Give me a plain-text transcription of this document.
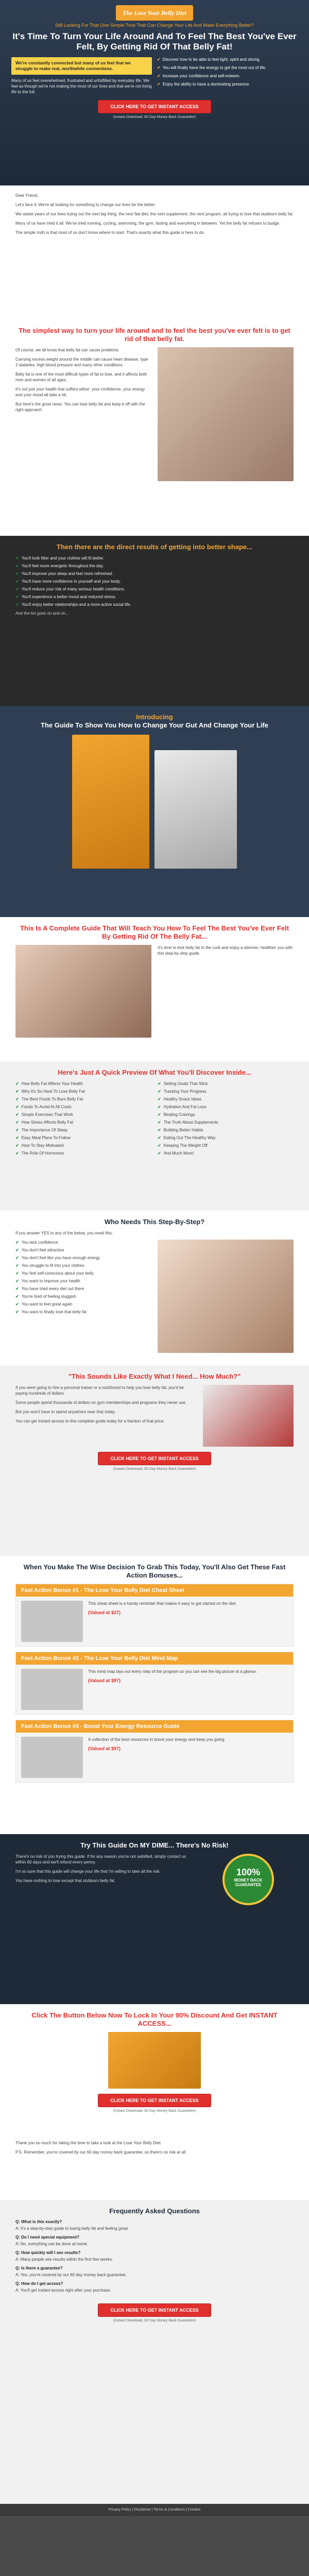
The Lose Your Belly Diet
Still Looking For That One Simple Trick That Can Change Your Life And Make Everything Better?
It's Time To Turn Your Life Around And To Feel The Best You've Ever Felt, By Getting Rid Of That Belly Fat!
We're constantly connected but many of us feel that we struggle to make real, worthwhile connections.
Many of us feel overwhelmed, frustrated and unfulfilled by everyday life. We feel as though we're not making the most of our lives and that we're not living life to the full.
✔ Discover how to be able to feel light, spirit and strong.
✔ You will finally have the energy to get the most out of life.
✔ Increase your confidence and self-esteem.
✔ Enjoy the ability to have a dominating presence.
CLICK HERE TO GET INSTANT ACCESS
(Instant Download, 60 Day Money Back Guarantee)
Dear Friend,
Let's face it: We're all looking for something to change our lives for the better.
We waste years of our lives trying out the next big thing, the next fad diet, the next supplement, the next program, all trying to lose that stubborn belly fat.
Many of us have tried it all. We've tried running, cycling, swimming, the gym, fasting and everything in between. Yet the belly fat refuses to budge.
The simple truth is that most of us don't know where to start. That's exactly what this guide is here to do.
The simplest way to turn your life around and to feel the best you've ever felt is to get rid of that belly fat.
Of course, we all know that belly fat can cause problems.
Carrying excess weight around the middle can cause heart disease, type 2 diabetes, high blood pressure and many other conditions.
Belly fat is one of the most difficult types of fat to lose, and it affects both men and women of all ages.
It's not just your health that suffers either: your confidence, your energy and your mood all take a hit.
But here's the good news: You can lose belly fat and keep it off with the right approach.
Then there are the direct results of getting into better shape...
✔ You'll look fitter and your clothes will fit better.
✔ You'll feel more energetic throughout the day.
✔ You'll improve your sleep and feel more refreshed.
✔ You'll have more confidence in yourself and your body.
✔ You'll reduce your risk of many serious health conditions.
✔ You'll experience a better mood and reduced stress.
✔ You'll enjoy better relationships and a more active social life.
And the list goes on and on...
Introducing
The Guide To Show You How to Change Your Gut And Change Your Life
This Is A Complete Guide That Will Teach You How To Feel The Best You've Ever Felt By Getting Rid Of The Belly Fat...
It's time to kick belly fat to the curb and enjoy a slimmer, healthier you with this step-by-step guide.
Here's Just A Quick Preview Of What You'll Discover Inside...
✔ How Belly Fat Affects Your Health
✔ Why It's So Hard To Lose Belly Fat
✔ The Best Foods To Burn Belly Fat
✔ Foods To Avoid At All Costs
✔ Simple Exercises That Work
✔ How Stress Affects Belly Fat
✔ The Importance Of Sleep
✔ Easy Meal Plans To Follow
✔ How To Stay Motivated
✔ The Role Of Hormones
✔ Setting Goals That Stick
✔ Tracking Your Progress
✔ Healthy Snack Ideas
✔ Hydration And Fat Loss
✔ Beating Cravings
✔ The Truth About Supplements
✔ Building Better Habits
✔ Eating Out The Healthy Way
✔ Keeping The Weight Off
✔ And Much More!
Who Needs This Step-By-Step?
If you answer YES to any of the below, you need this:
✔ You lack confidence
✔ You don't feel attractive
✔ You don't feel like you have enough energy
✔ You struggle to fit into your clothes
✔ You feel self-conscious about your belly
✔ You want to improve your health
✔ You have tried every diet out there
✔ You're tired of feeling sluggish
✔ You want to feel great again
✔ You want to finally lose that belly fat
"This Sounds Like Exactly What I Need... How Much?"
If you were going to hire a personal trainer or a nutritionist to help you lose belly fat, you'd be paying hundreds of dollars.
Some people spend thousands of dollars on gym memberships and programs they never use.
But you won't have to spend anywhere near that today.
You can get instant access to this complete guide today for a fraction of that price.
CLICK HERE TO GET INSTANT ACCESS
(Instant Download, 60 Day Money Back Guarantee)
When You Make The Wise Decision To Grab This Today, You'll Also Get These Fast Action Bonuses...
Fast Action Bonus #1 - The Lose Your Belly Diet Cheat Sheet
This cheat sheet is a handy reminder that makes it easy to get started on the diet.
(Valued at $27)
Fast Action Bonus #2 - The Lose Your Belly Diet Mind Map
This mind map lays out every step of the program so you can see the big picture at a glance.
(Valued at $97)
Fast Action Bonus #3 - Boost Your Energy Resource Guide
A collection of the best resources to boost your energy and keep you going.
(Valued at $97)
Try This Guide On MY DIME... There's No Risk!
There's no risk of you trying this guide. If for any reason you're not satisfied, simply contact us within 60 days and we'll refund every penny.
I'm so sure that this guide will change your life that I'm willing to take all the risk.
You have nothing to lose except that stubborn belly fat.
100%
MONEY BACK
GUARANTEE
Click The Button Below Now To Lock In Your 90% Discount And Get INSTANT ACCESS...
CLICK HERE TO GET INSTANT ACCESS
(Instant Download, 60 Day Money Back Guarantee)
Thank you so much for taking the time to take a look at the Lose Your Belly Diet.
P.S. Remember, you're covered by our 60 day money back guarantee, so there's no risk at all.
Frequently Asked Questions
Q: What is this exactly?
A: It's a step-by-step guide to losing belly fat and feeling great.
Q: Do I need special equipment?
A: No, everything can be done at home.
Q: How quickly will I see results?
A: Many people see results within the first few weeks.
Q: Is there a guarantee?
A: Yes, you're covered by our 60 day money back guarantee.
Q: How do I get access?
A: You'll get instant access right after your purchase.
CLICK HERE TO GET INSTANT ACCESS
(Instant Download, 60 Day Money Back Guarantee)
Privacy Policy | Disclaimer | Terms & Conditions | Contact
